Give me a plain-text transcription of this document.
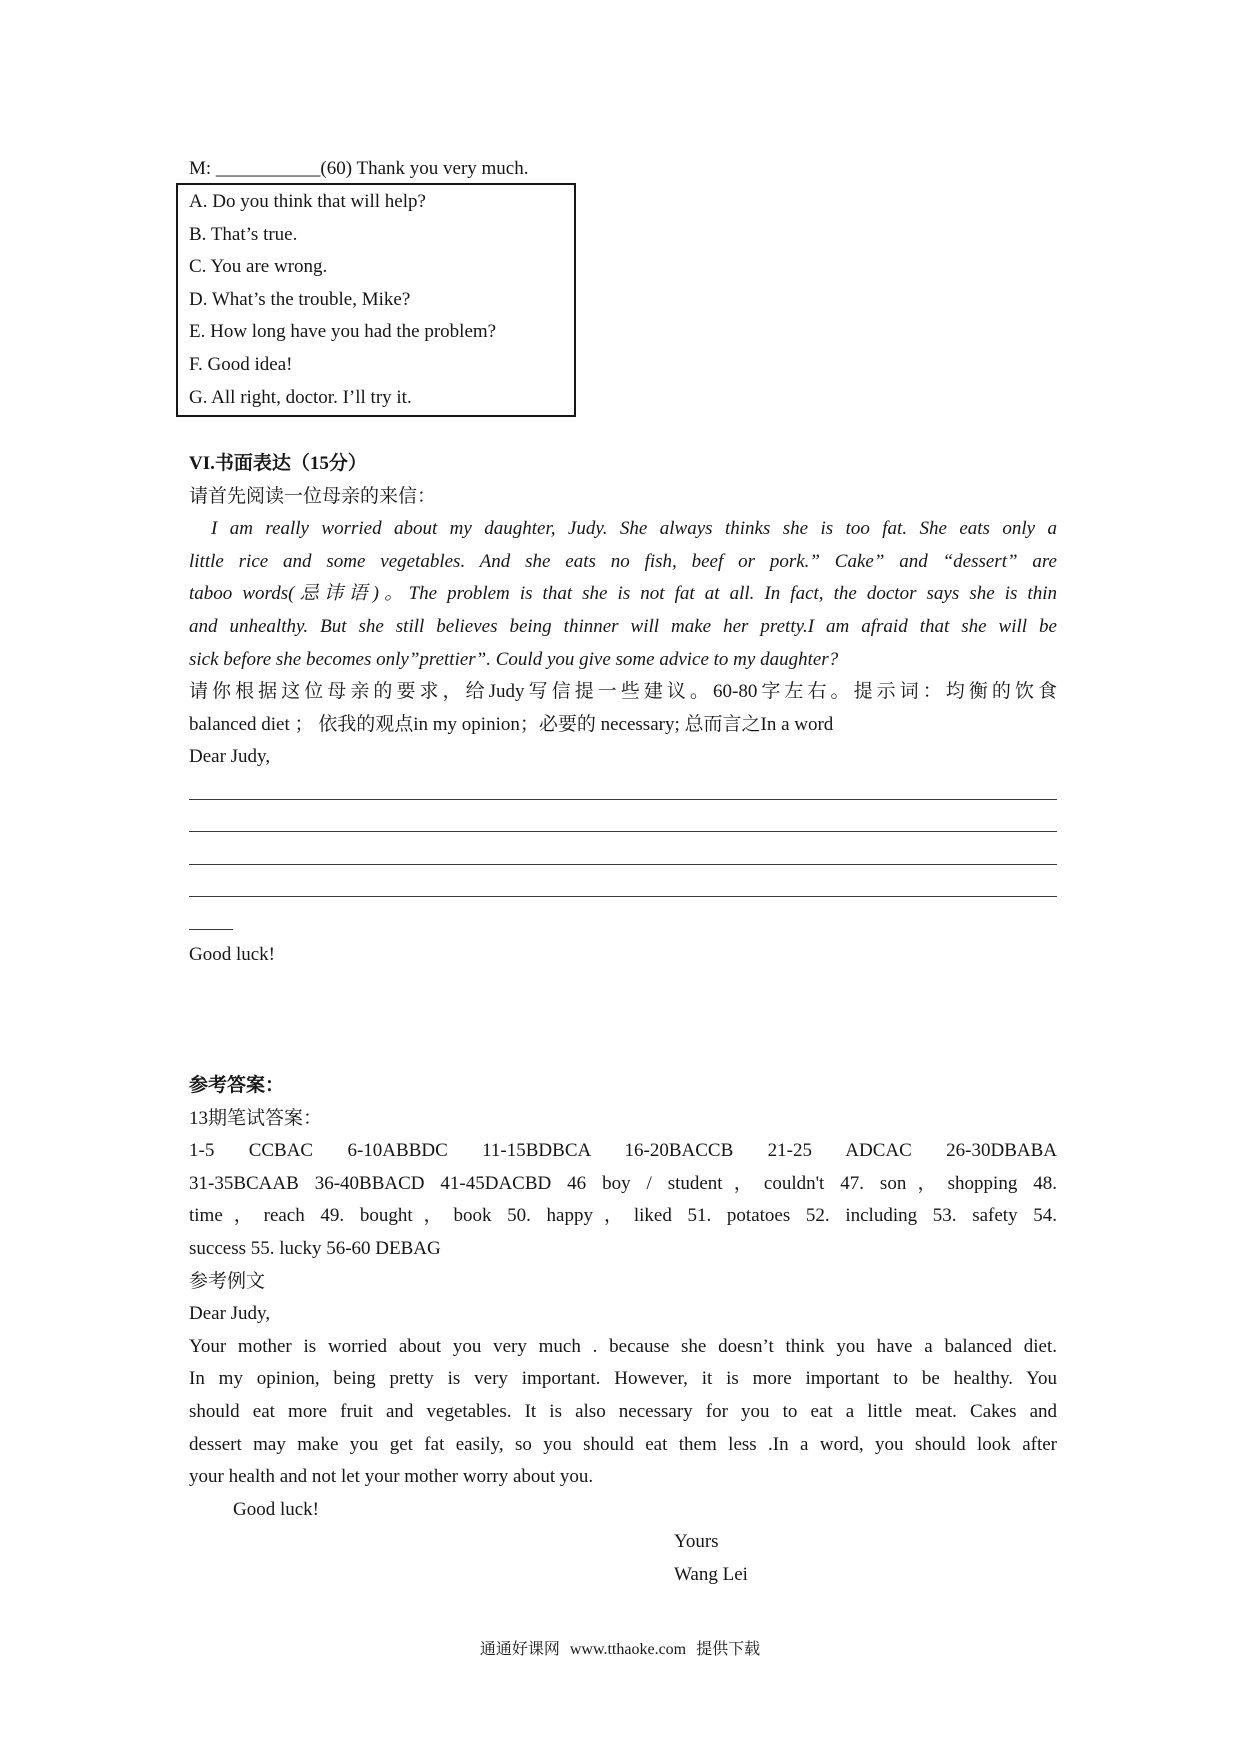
M: ___________(60) Thank you very much.
A. Do you think that will help?
B. That’s true.
C. You are wrong.
D. What’s the trouble, Mike?
E. How long have you had the problem?
F. Good idea!
G. All right, doctor. I’ll try it.
VI.书面表达（15分）
请首先阅读一位母亲的来信：
I am really worried about my daughter, Judy. She always thinks she is too fat. She eats only a
little rice and some vegetables. And she eats no fish, beef or pork.” Cake” and “dessert” are
taboo words(忌讳语)。The problem is that she is not fat at all. In fact, the doctor says she is thin
and unhealthy. But she still believes being thinner will make her pretty.I am afraid that she will be
sick before she becomes only”prettier”. Could you give some advice to my daughter?
请你根据这位母亲的要求，给Judy写信提一些建议。60-80字左右。提示词：均衡的饮食
balanced diet ； 依我的观点in my opinion；必要的 necessary; 总而言之In a word
Dear Judy,
Good luck!
参考答案：
13期笔试答案：
1-5 CCBAC 6-10ABBDC 11-15BDBCA 16-20BACCB 21-25 ADCAC 26-30DBABA
31-35BCAAB 36-40BBACD 41-45DACBD 46 boy / student，couldn't 47. son，shopping 48.
time，reach 49. bought，book 50. happy，liked 51. potatoes 52. including 53. safety 54.
success 55. lucky 56-60 DEBAG
参考例文
Dear Judy,
Your mother is worried about you very much . because she doesn’t think you have a balanced diet.
In my opinion, being pretty is very important. However, it is more important to be healthy. You
should eat more fruit and vegetables. It is also necessary for you to eat a little meat. Cakes and
dessert may make you get fat easily, so you should eat them less .In a word, you should look after
your health and not let your mother worry about you.
Good luck!
Yours
Wang Lei
通通好课网 www.tthaoke.com 提供下载
